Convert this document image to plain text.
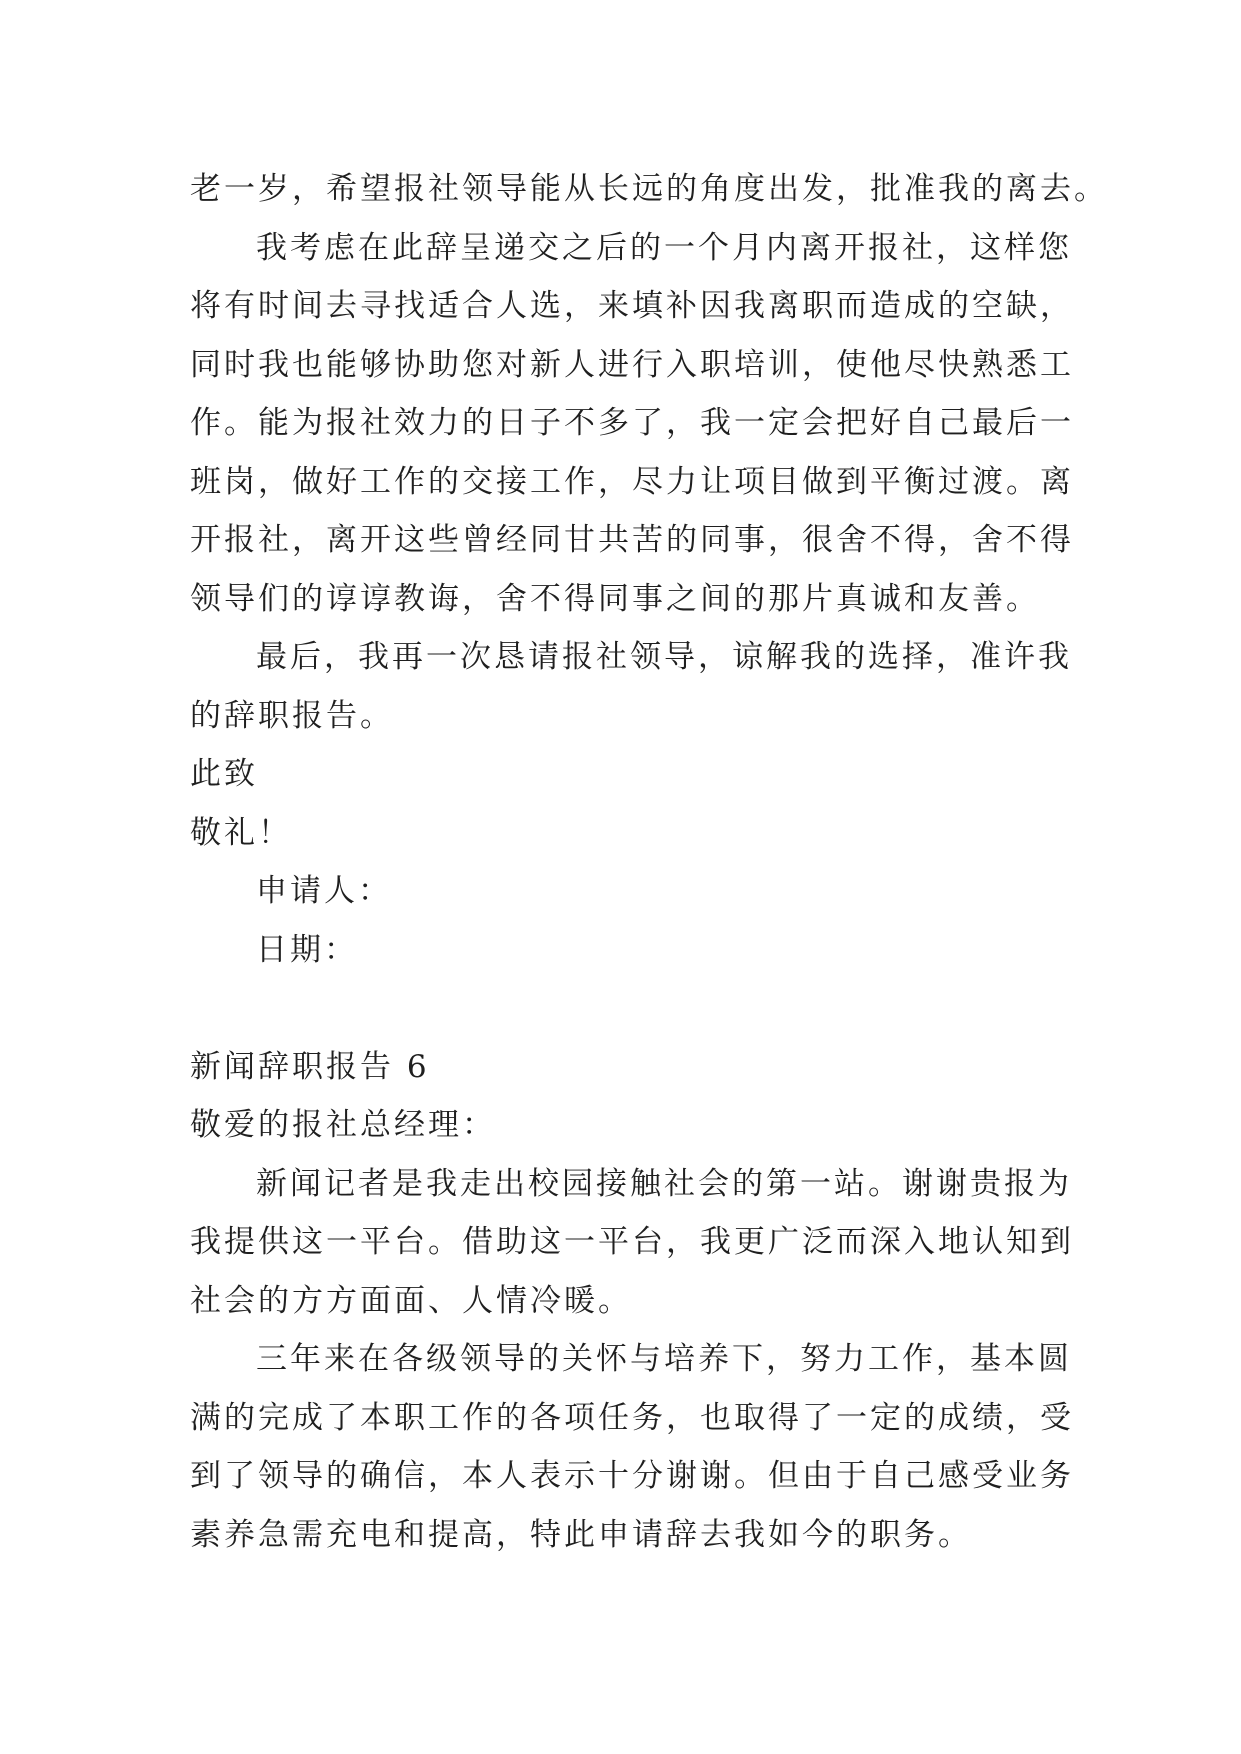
老一岁，希望报社领导能从长远的角度出发，批准我的离去。
我考虑在此辞呈递交之后的一个月内离开报社，这样您
将有时间去寻找适合人选，来填补因我离职而造成的空缺，
同时我也能够协助您对新人进行入职培训，使他尽快熟悉工
作。能为报社效力的日子不多了，我一定会把好自己最后一
班岗，做好工作的交接工作，尽力让项目做到平衡过渡。离
开报社，离开这些曾经同甘共苦的同事，很舍不得，舍不得
领导们的谆谆教诲，舍不得同事之间的那片真诚和友善。
最后，我再一次恳请报社领导，谅解我的选择，准许我
的辞职报告。
此致
敬礼！
申请人：
日期：
新闻辞职报告 6
敬爱的报社总经理：
新闻记者是我走出校园接触社会的第一站。谢谢贵报为
我提供这一平台。借助这一平台，我更广泛而深入地认知到
社会的方方面面、人情冷暖。
三年来在各级领导的关怀与培养下，努力工作，基本圆
满的完成了本职工作的各项任务，也取得了一定的成绩，受
到了领导的确信，本人表示十分谢谢。但由于自己感受业务
素养急需充电和提高，特此申请辞去我如今的职务。
